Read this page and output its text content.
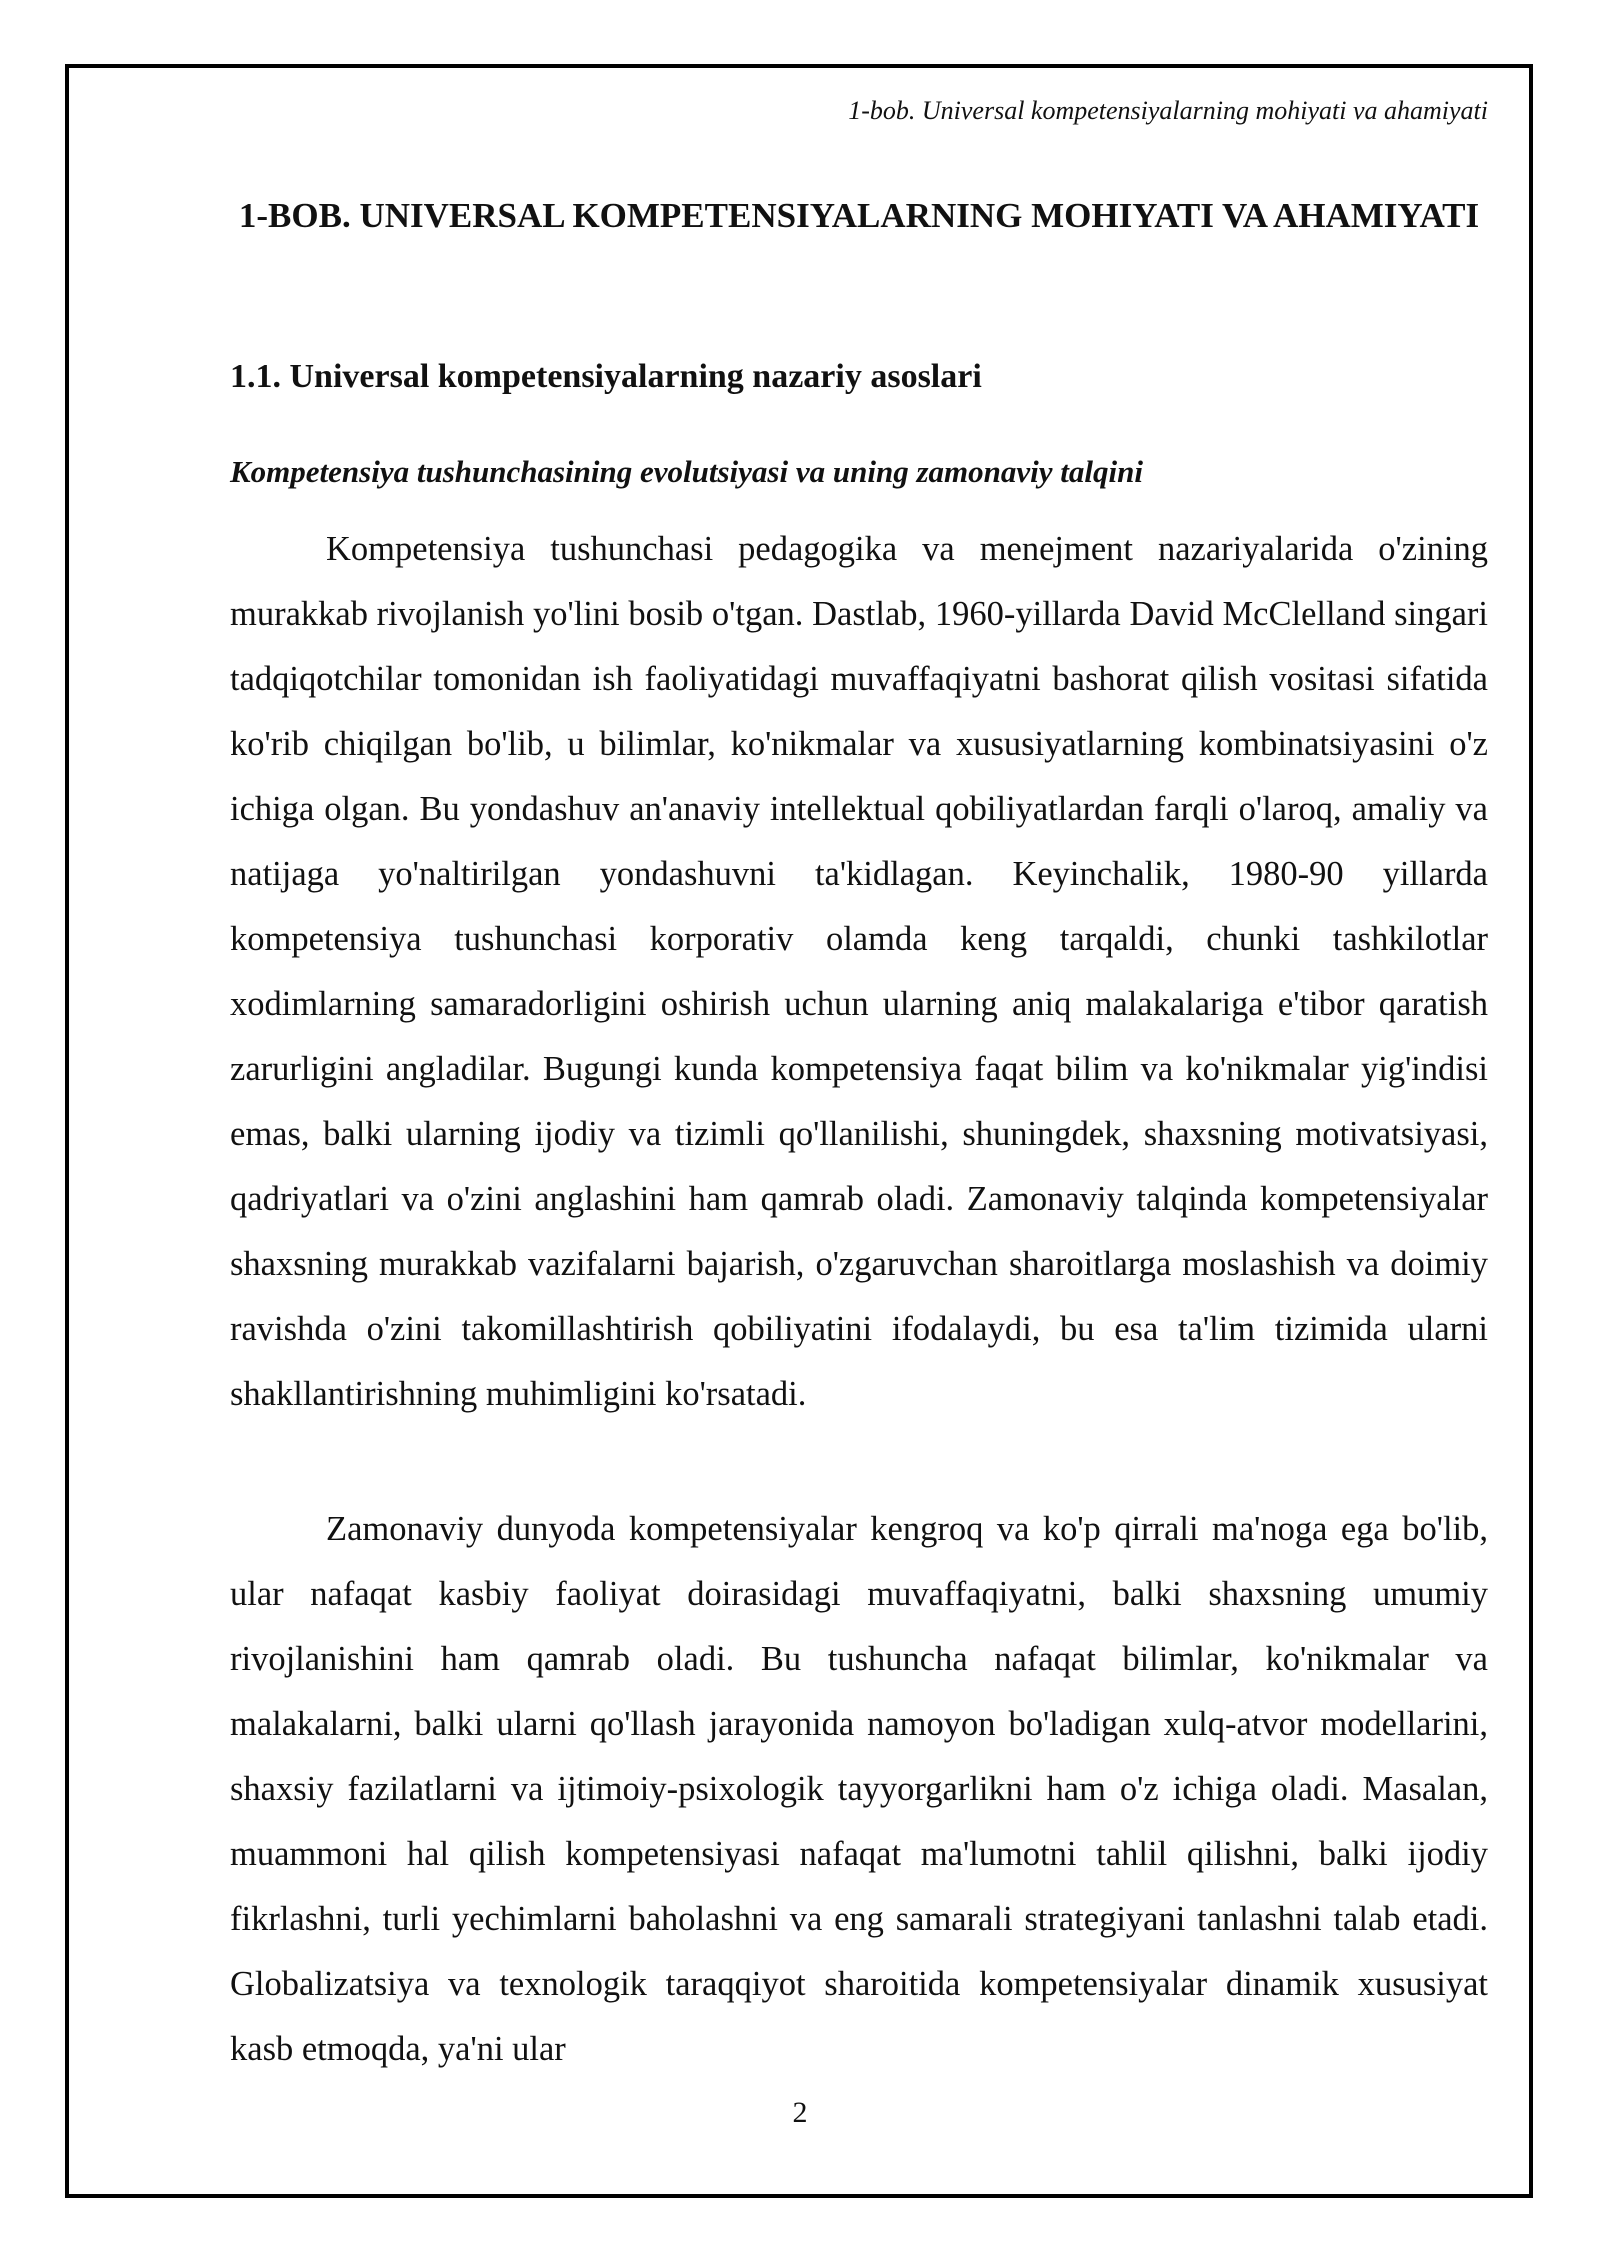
1-bob. Universal kompetensiyalarning mohiyati va ahamiyati
1-BOB. UNIVERSAL KOMPETENSIYALARNING MOHIYATI VA AHAMIYATI
1.1. Universal kompetensiyalarning nazariy asoslari
Kompetensiya tushunchasining evolutsiyasi va uning zamonaviy talqini

Kompetensiya tushunchasi pedagogika va menejment nazariyalarida o'zining murakkab rivojlanish yo'lini bosib o'tgan. Dastlab, 1960-yillarda David McClelland singari tadqiqotchilar tomonidan ish faoliyatidagi muvaffaqiyatni bashorat qilish vositasi sifatida ko'rib chiqilgan bo'lib, u bilimlar, ko'nikmalar va xususiyatlarning kombinatsiyasini o'z ichiga olgan. Bu yondashuv an'anaviy intellektual qobiliyatlardan farqli o'laroq, amaliy va natijaga yo'naltirilgan yondashuvni ta'kidlagan. Keyinchalik, 1980-90 yillarda kompetensiya tushunchasi korporativ olamda keng tarqaldi, chunki tashkilotlar xodimlarning samaradorligini oshirish uchun ularning aniq malakalariga e'tibor qaratish zarurligini angladilar. Bugungi kunda kompetensiya faqat bilim va ko'nikmalar yig'indisi emas, balki ularning ijodiy va tizimli qo'llanilishi, shuningdek, shaxsning motivatsiyasi, qadriyatlari va o'zini anglashini ham qamrab oladi. Zamonaviy talqinda kompetensiyalar shaxsning murakkab vazifalarni bajarish, o'zgaruvchan sharoitlarga moslashish va doimiy ravishda o'zini takomillashtirish qobiliyatini ifodalaydi, bu esa ta'lim tizimida ularni shakllantirishning muhimligini ko'rsatadi.

Zamonaviy dunyoda kompetensiyalar kengroq va ko'p qirrali ma'noga ega bo'lib, ular nafaqat kasbiy faoliyat doirasidagi muvaffaqiyatni, balki shaxsning umumiy rivojlanishini ham qamrab oladi. Bu tushuncha nafaqat bilimlar, ko'nikmalar va malakalarni, balki ularni qo'llash jarayonida namoyon bo'ladigan xulq-atvor modellarini, shaxsiy fazilatlarni va ijtimoiy-psixologik tayyorgarlikni ham o'z ichiga oladi. Masalan, muammoni hal qilish kompetensiyasi nafaqat ma'lumotni tahlil qilishni, balki ijodiy fikrlashni, turli yechimlarni baholashni va eng samarali strategiyani tanlashni talab etadi. Globalizatsiya va texnologik taraqqiyot sharoitida kompetensiyalar dinamik xususiyat kasb etmoqda, ya'ni ular

2
